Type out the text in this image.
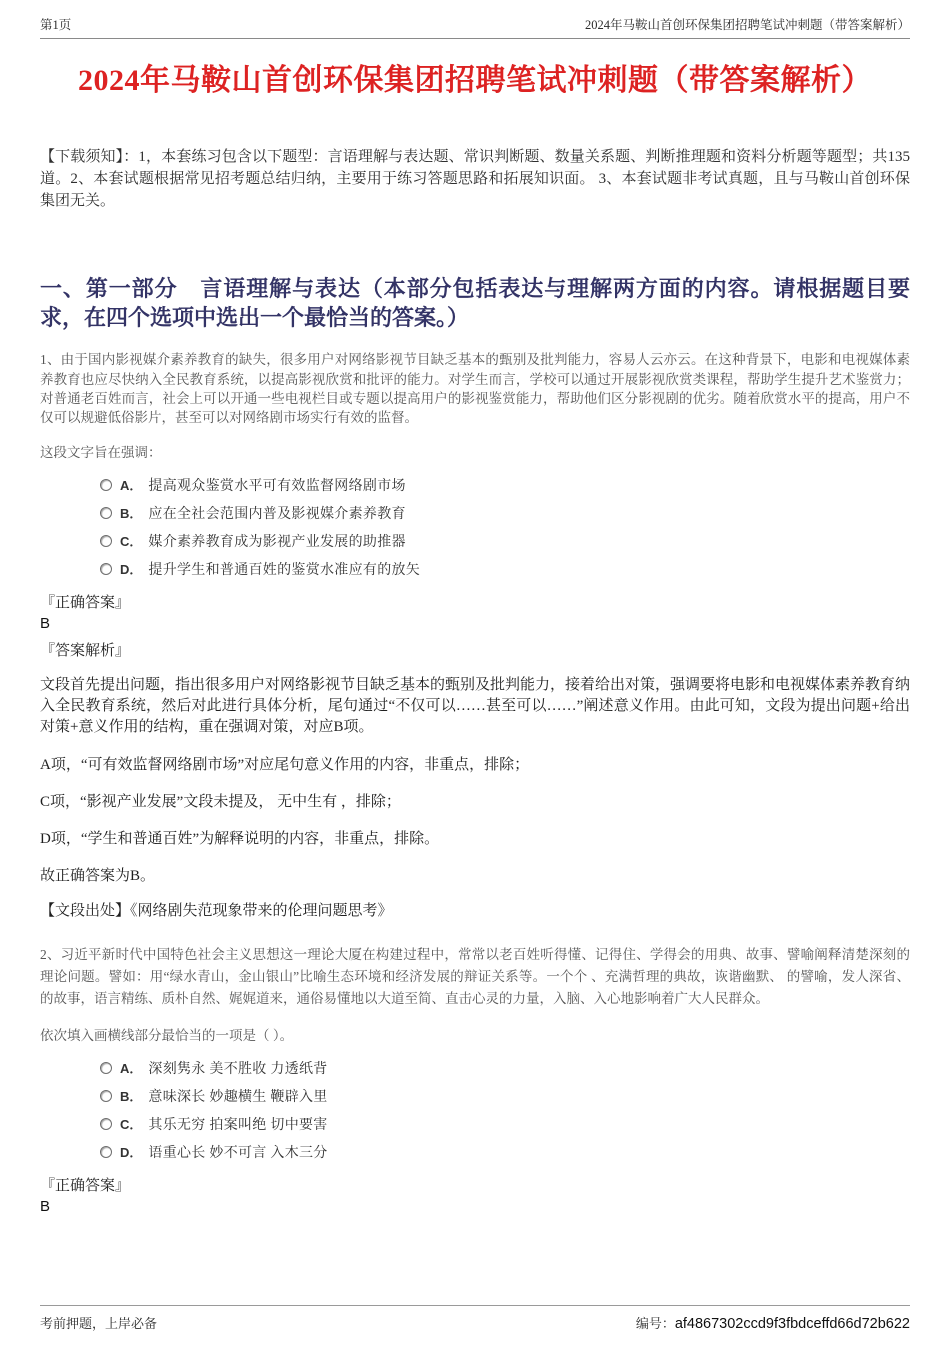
第1页	2024年马鞍山首创环保集团招聘笔试冲刺题（带答案解析）
2024年马鞍山首创环保集团招聘笔试冲刺题（带答案解析）

【下载须知】：1，本套练习包含以下题型：言语理解与表达题、常识判断题、数量关系题、判断推理题和资料分析题等题型；共135道。2、本套试题根据常见招考题总结归纳，主要用于练习答题思路和拓展知识面。 3、本套试题非考试真题，且与马鞍山首创环保集团无关。

一、第一部分　言语理解与表达（本部分包括表达与理解两方面的内容。请根据题目要求，在四个选项中选出一个最恰当的答案。）

1、由于国内影视媒介素养教育的缺失，很多用户对网络影视节目缺乏基本的甄别及批判能力，容易人云亦云。在这种背景下，电影和电视媒体素养教育也应尽快纳入全民教育系统，以提高影视欣赏和批评的能力。对学生而言，学校可以通过开展影视欣赏类课程，帮助学生提升艺术鉴赏力；对普通老百姓而言，社会上可以开通一些电视栏目或专题以提高用户的影视鉴赏能力，帮助他们区分影视剧的优劣。随着欣赏水平的提高，用户不仅可以规避低俗影片，甚至可以对网络剧市场实行有效的监督。

这段文字旨在强调：

A． 提高观众鉴赏水平可有效监督网络剧市场
B． 应在全社会范围内普及影视媒介素养教育
C． 媒介素养教育成为影视产业发展的助推器
D． 提升学生和普通百姓的鉴赏水准应有的放矢

『正确答案』

B

『答案解析』

文段首先提出问题，指出很多用户对网络影视节目缺乏基本的甄别及批判能力，接着给出对策，强调要将电影和电视媒体素养教育纳入全民教育系统，然后对此进行具体分析，尾句通过“不仅可以……甚至可以……”阐述意义作用。由此可知，文段为提出问题+给出对策+意义作用的结构，重在强调对策，对应B项。

A项，“可有效监督网络剧市场”对应尾句意义作用的内容，非重点，排除；

C项，“影视产业发展”文段未提及， 无中生有 ，排除；

D项，“学生和普通百姓”为解释说明的内容，非重点，排除。

故正确答案为B。

【文段出处】《网络剧失范现象带来的伦理问题思考》

2、习近平新时代中国特色社会主义思想这一理论大厦在构建过程中，常常以老百姓听得懂、记得住、学得会的用典、故事、譬喻阐释清楚深刻的理论问题。譬如：用“绿水青山，金山银山”比喻生态环境和经济发展的辩证关系等。一个个 、充满哲理的典故，诙谐幽默、 的譬喻，发人深省、 的故事，语言精练、质朴自然、娓娓道来，通俗易懂地以大道至简、直击心灵的力量，入脑、入心地影响着广大人民群众。

依次填入画横线部分最恰当的一项是（ ）。

A． 深刻隽永 美不胜收 力透纸背
B． 意味深长 妙趣横生 鞭辟入里
C． 其乐无穷 拍案叫绝 切中要害
D． 语重心长 妙不可言 入木三分

『正确答案』

B

考前押题，上岸必备	编号：af4867302ccd9f3fbdceffd66d72b622
